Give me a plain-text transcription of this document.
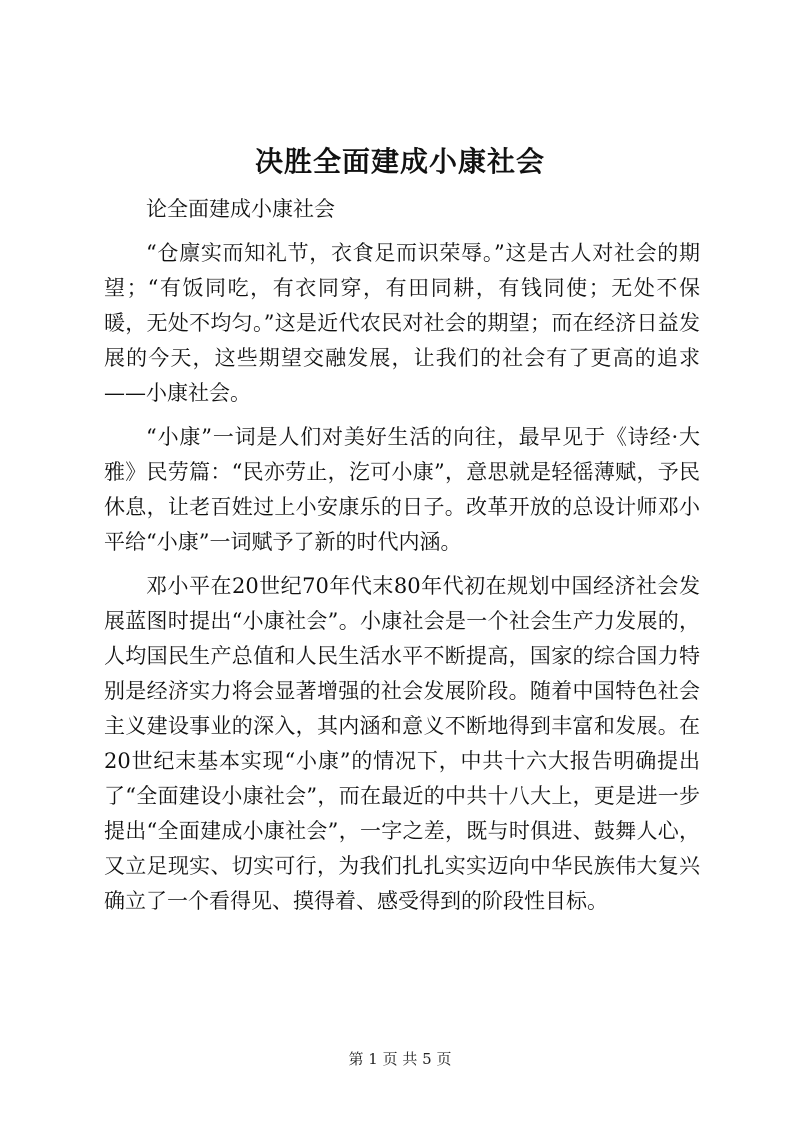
决胜全面建成小康社会

论全面建成小康社会

“仓廪实而知礼节，衣食足而识荣辱。”这是古人对社会的期望；“有饭同吃，有衣同穿，有田同耕，有钱同使；无处不保暖，无处不均匀。”这是近代农民对社会的期望；而在经济日益发展的今天，这些期望交融发展，让我们的社会有了更高的追求——小康社会。

“小康”一词是人们对美好生活的向往，最早见于《诗经·大雅》民劳篇：“民亦劳止，汔可小康”，意思就是轻徭薄赋，予民休息，让老百姓过上小安康乐的日子。改革开放的总设计师邓小平给“小康”一词赋予了新的时代内涵。

邓小平在20世纪70年代末80年代初在规划中国经济社会发展蓝图时提出“小康社会”。小康社会是一个社会生产力发展的，人均国民生产总值和人民生活水平不断提高，国家的综合国力特别是经济实力将会显著增强的社会发展阶段。随着中国特色社会主义建设事业的深入，其内涵和意义不断地得到丰富和发展。在20世纪末基本实现“小康”的情况下，中共十六大报告明确提出了“全面建设小康社会”，而在最近的中共十八大上，更是进一步提出“全面建成小康社会”，一字之差，既与时俱进、鼓舞人心，又立足现实、切实可行，为我们扎扎实实迈向中华民族伟大复兴确立了一个看得见、摸得着、感受得到的阶段性目标。

第 1 页 共 5 页
